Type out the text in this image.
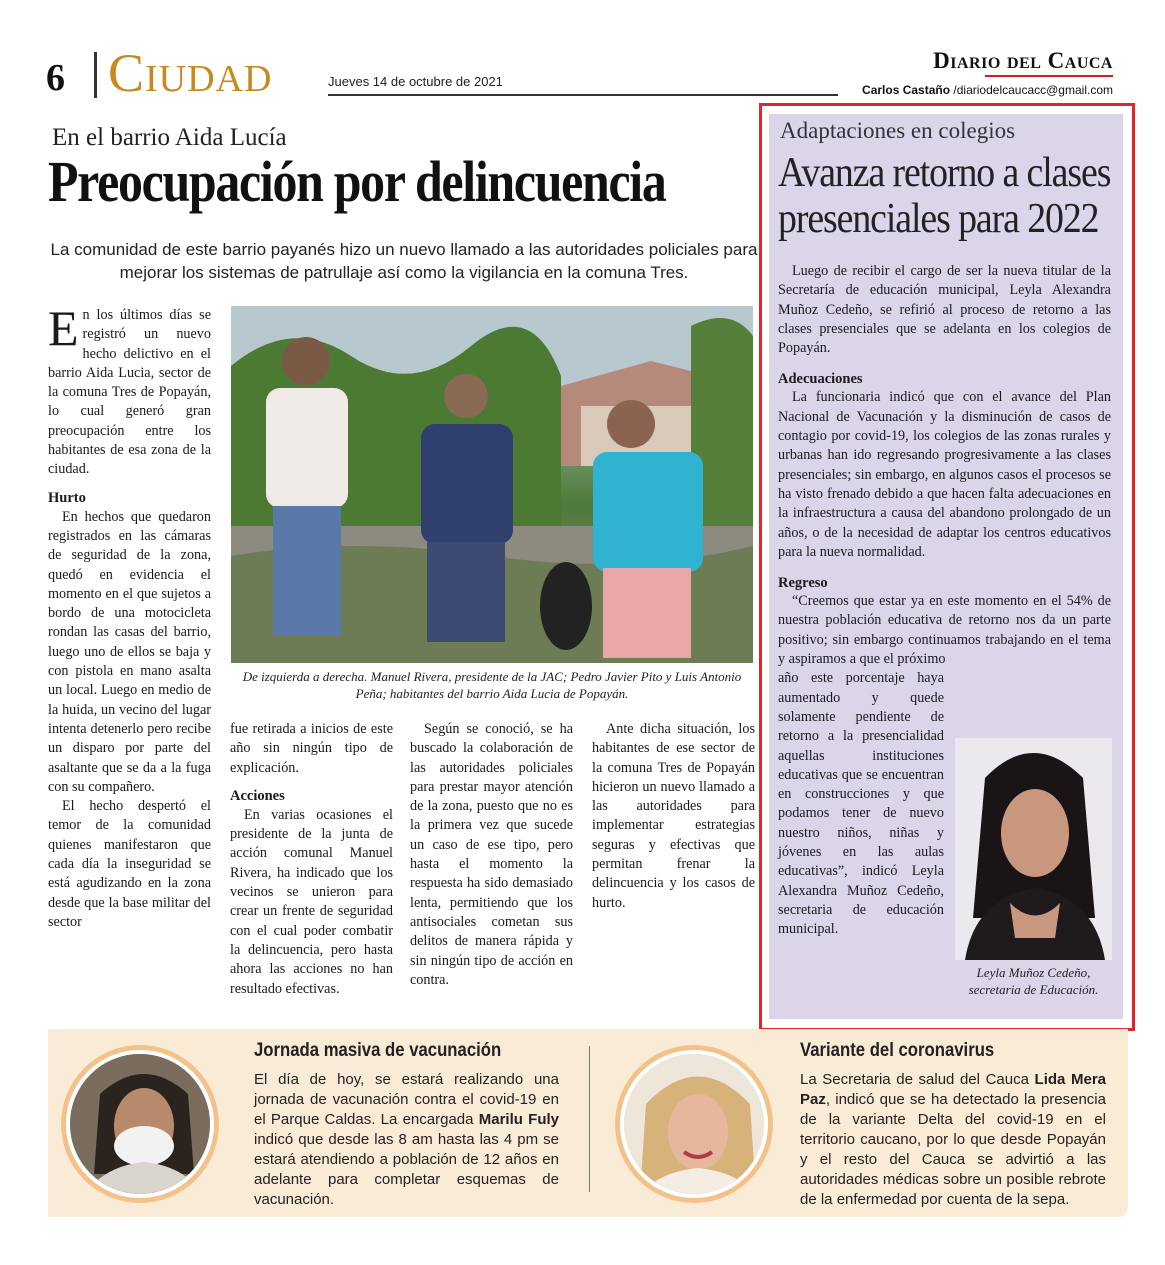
6 Ciudad	Jueves 14 de octubre de 2021
Diario del Cauca
Carlos Castaño /diariodelcaucacc@gmail.com
En el barrio Aida Lucía
Preocupación por delincuencia
La comunidad de este barrio payanés hizo un nuevo llamado a las autoridades policiales para mejorar los sistemas de patrullaje así como la vigilancia en la comuna Tres.

En los últimos días se registró un nuevo hecho delictivo en el barrio Aida Lucia, sector de la comuna Tres de Popayán, lo cual generó gran preocupación entre los habitantes de esa zona de la ciudad.

Hurto

En hechos que quedaron registrados en las cámaras de seguridad de la zona, quedó en evidencia el momento en el que sujetos a bordo de una motocicleta rondan las casas del barrio, luego uno de ellos se baja y con pistola en mano asalta un local. Luego en medio de la huida, un vecino del lugar intenta detenerlo pero recibe un disparo por parte del asaltante que se da a la fuga con su compañero.

El hecho despertó el temor de la comunidad quienes manifestaron que cada día la inseguridad se está agudizando en la zona desde que la base militar del sector

De izquierda a derecha. Manuel Rivera, presidente de la JAC; Pedro Javier Pito y Luis Antonio Peña; habitantes del barrio Aida Lucia de Popayán.

fue retirada a inicios de este año sin ningún tipo de explicación.

Acciones

En varias ocasiones el presidente de la junta de acción comunal Manuel Rivera, ha indicado que los vecinos se unieron para crear un frente de seguridad con el cual poder combatir la delincuencia, pero hasta ahora las acciones no han resultado efectivas.

Según se conoció, se ha buscado la colaboración de las autoridades policiales para prestar mayor atención de la zona, puesto que no es la primera vez que sucede un caso de ese tipo, pero hasta el momento la respuesta ha sido demasiado lenta, permitiendo que los antisociales cometan sus delitos de manera rápida y sin ningún tipo de acción en contra.

Ante dicha situación, los habitantes de ese sector de la comuna Tres de Popayán hicieron un nuevo llamado a las autoridades para implementar estrategias seguras y efectivas que permitan frenar la delincuencia y los casos de hurto.

Adaptaciones en colegios
Avanza retorno a clases
presenciales para 2022

Luego de recibir el cargo de ser la nueva titular de la Secretaría de educación municipal, Leyla Alexandra Muñoz Cedeño, se refirió al proceso de retorno a las clases presenciales que se adelanta en los colegios de Popayán.

Adecuaciones

La funcionaria indicó que con el avance del Plan Nacional de Vacunación y la disminución de casos de contagio por covid-19, los colegios de las zonas rurales y urbanas han ido regresando progresivamente a las clases presenciales; sin embargo, en algunos casos el procesos se ha visto frenado debido a que hacen falta adecuaciones en la infraestructura a causa del abandono prolongado de un años, o de la necesidad de adaptar los centros educativos para la nueva normalidad.

Regreso

“Creemos que estar ya en este momento en el 54% de nuestra población educativa de retorno nos da un parte positivo; sin embargo continuamos trabajando en el tema y aspiramos a que el próximo

año este porcentaje haya aumentado y quede solamente pendiente de retorno a la presencialidad aquellas instituciones educativas que se encuentran en construcciones y que podamos tener de nuevo nuestro niños, niñas y jóvenes en las aulas educativas”, indicó Leyla Alexandra Muñoz Cedeño, secretaria de educación municipal.

Leyla Muñoz Cedeño, secretaria de Educación.
Jornada masiva de vacunación
El día de hoy, se estará realizando una jornada de vacunación contra el covid-19 en el Parque Caldas. La encargada Marilu Fuly indicó que desde las 8 am hasta las 4 pm se estará atendiendo a población de 12 años en adelante para completar esquemas de vacunación.
Variante del coronavirus
La Secretaria de salud del Cauca Lida Mera Paz, indicó que se ha detectado la presencia de la variante Delta del covid-19 en el territorio caucano, por lo que desde Popayán y el resto del Cauca se advirtió a las autoridades médicas sobre un posible rebrote de la enfermedad por cuenta de la sepa.
